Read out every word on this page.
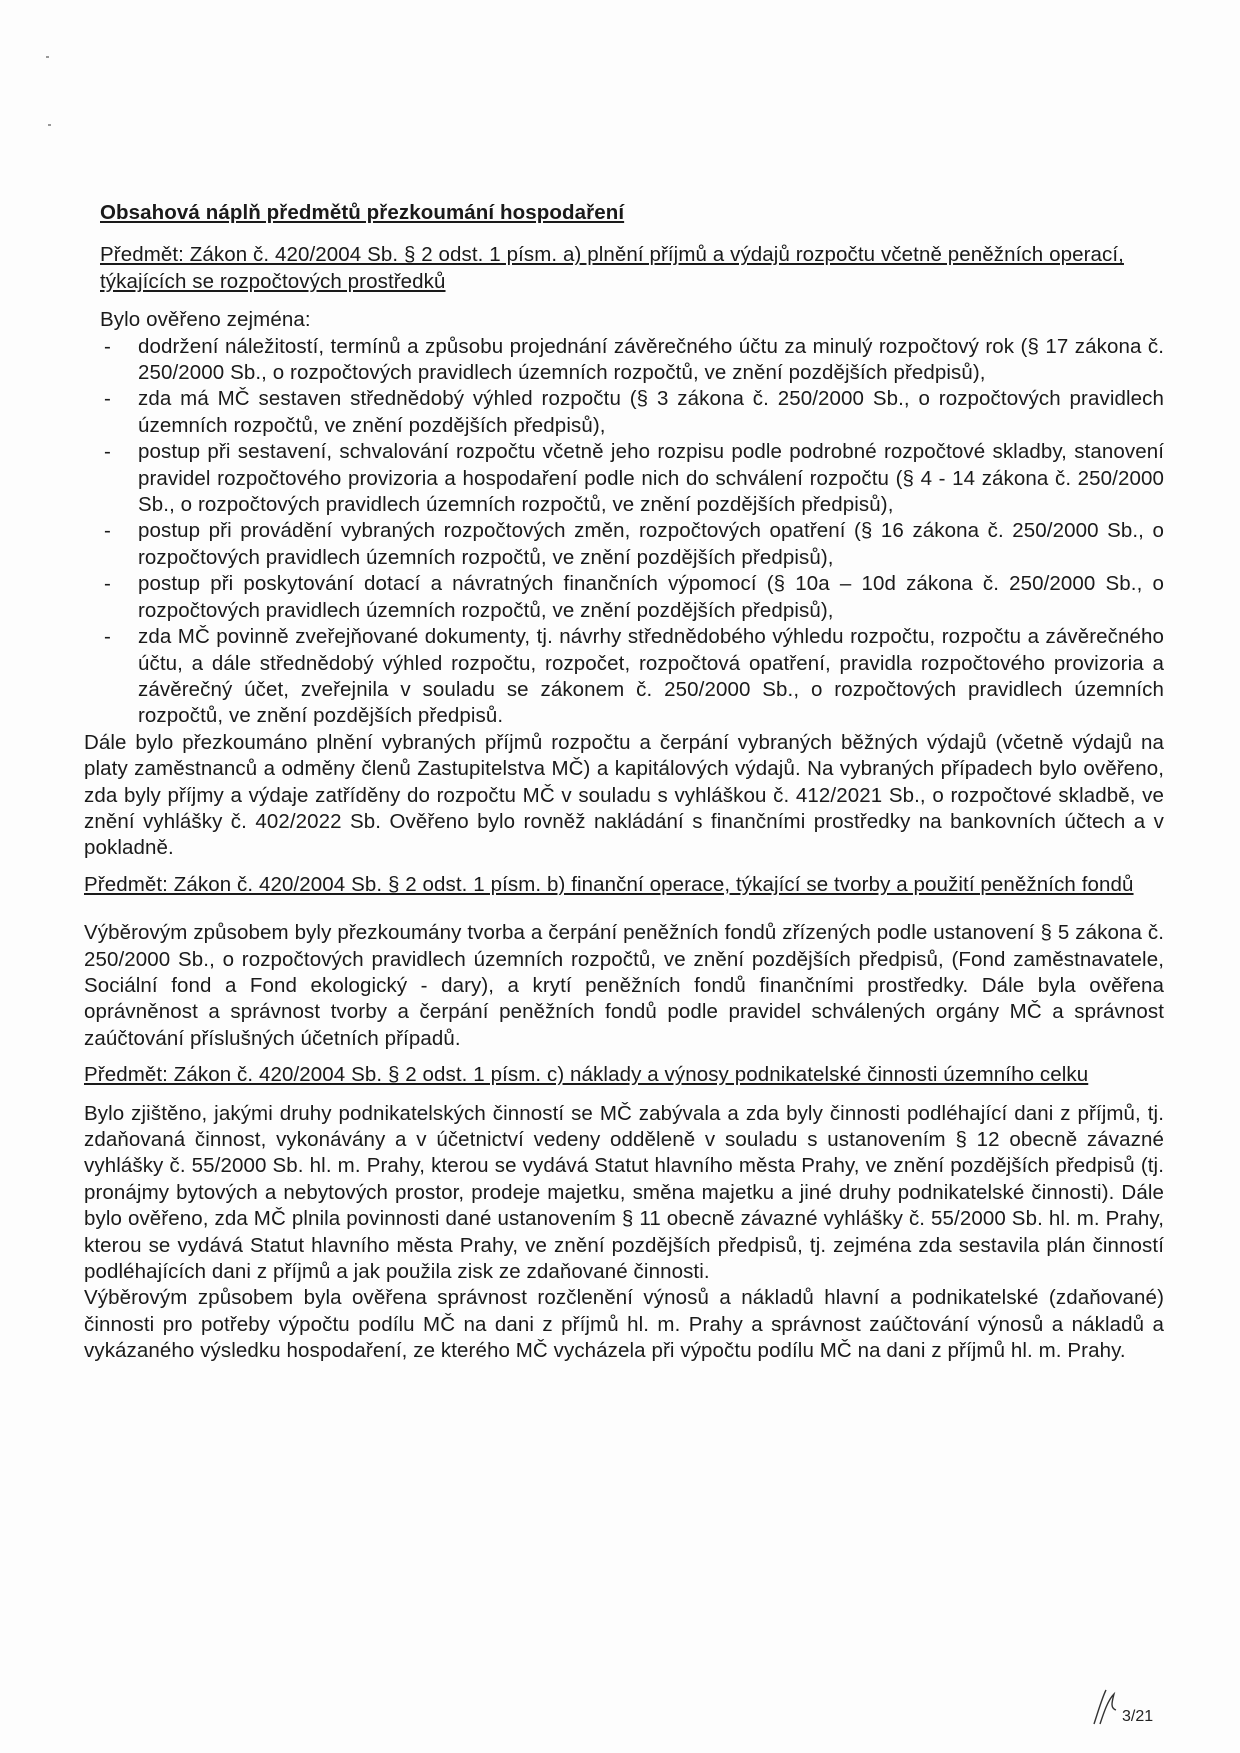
Obsahová náplň předmětů přezkoumání hospodaření
Předmět: Zákon č. 420/2004 Sb. § 2 odst. 1 písm. a) plnění příjmů a výdajů rozpočtu včetně peněžních operací, týkajících se rozpočtových prostředků
Bylo ověřeno zejména:
- dodržení náležitostí, termínů a způsobu projednání závěrečného účtu za minulý rozpočtový rok (§ 17 zákona č. 250/2000 Sb., o rozpočtových pravidlech územních rozpočtů, ve znění pozdějších předpisů),
- zda má MČ sestaven střednědobý výhled rozpočtu (§ 3 zákona č. 250/2000 Sb., o rozpočtových pravidlech územních rozpočtů, ve znění pozdějších předpisů),
- postup při sestavení, schvalování rozpočtu včetně jeho rozpisu podle podrobné rozpočtové skladby, stanovení pravidel rozpočtového provizoria a hospodaření podle nich do schválení rozpočtu (§ 4 - 14 zákona č. 250/2000 Sb., o rozpočtových pravidlech územních rozpočtů, ve znění pozdějších předpisů),
- postup při provádění vybraných rozpočtových změn, rozpočtových opatření (§ 16 zákona č. 250/2000 Sb., o rozpočtových pravidlech územních rozpočtů, ve znění pozdějších předpisů),
- postup při poskytování dotací a návratných finančních výpomocí (§ 10a – 10d zákona č. 250/2000 Sb., o rozpočtových pravidlech územních rozpočtů, ve znění pozdějších předpisů),
- zda MČ povinně zveřejňované dokumenty, tj. návrhy střednědobého výhledu rozpočtu, rozpočtu a závěrečného účtu, a dále střednědobý výhled rozpočtu, rozpočet, rozpočtová opatření, pravidla rozpočtového provizoria a závěrečný účet, zveřejnila v souladu se zákonem č. 250/2000 Sb., o rozpočtových pravidlech územních rozpočtů, ve znění pozdějších předpisů.
Dále bylo přezkoumáno plnění vybraných příjmů rozpočtu a čerpání vybraných běžných výdajů (včetně výdajů na platy zaměstnanců a odměny členů Zastupitelstva MČ) a kapitálových výdajů. Na vybraných případech bylo ověřeno, zda byly příjmy a výdaje zatříděny do rozpočtu MČ v souladu s vyhláškou č. 412/2021 Sb., o rozpočtové skladbě, ve znění vyhlášky č. 402/2022 Sb. Ověřeno bylo rovněž nakládání s finančními prostředky na bankovních účtech a v pokladně.
Předmět: Zákon č. 420/2004 Sb. § 2 odst. 1 písm. b) finanční operace, týkající se tvorby a použití peněžních fondů
Výběrovým způsobem byly přezkoumány tvorba a čerpání peněžních fondů zřízených podle ustanovení § 5 zákona č. 250/2000 Sb., o rozpočtových pravidlech územních rozpočtů, ve znění pozdějších předpisů, (Fond zaměstnavatele, Sociální fond a Fond ekologický - dary), a krytí peněžních fondů finančními prostředky. Dále byla ověřena oprávněnost a správnost tvorby a čerpání peněžních fondů podle pravidel schválených orgány MČ a správnost zaúčtování příslušných účetních případů.
Předmět: Zákon č. 420/2004 Sb. § 2 odst. 1 písm. c) náklady a výnosy podnikatelské činnosti územního celku
Bylo zjištěno, jakými druhy podnikatelských činností se MČ zabývala a zda byly činnosti podléhající dani z příjmů, tj. zdaňovaná činnost, vykonávány a v účetnictví vedeny odděleně v souladu s ustanovením § 12 obecně závazné vyhlášky č. 55/2000 Sb. hl. m. Prahy, kterou se vydává Statut hlavního města Prahy, ve znění pozdějších předpisů (tj. pronájmy bytových a nebytových prostor, prodeje majetku, směna majetku a jiné druhy podnikatelské činnosti). Dále bylo ověřeno, zda MČ plnila povinnosti dané ustanovením § 11 obecně závazné vyhlášky č. 55/2000 Sb. hl. m. Prahy, kterou se vydává Statut hlavního města Prahy, ve znění pozdějších předpisů, tj. zejména zda sestavila plán činností podléhajících dani z příjmů a jak použila zisk ze zdaňované činnosti.
Výběrovým způsobem byla ověřena správnost rozčlenění výnosů a nákladů hlavní a podnikatelské (zdaňované) činnosti pro potřeby výpočtu podílu MČ na dani z příjmů hl. m. Prahy a správnost zaúčtování výnosů a nákladů a vykázaného výsledku hospodaření, ze kterého MČ vycházela při výpočtu podílu MČ na dani z příjmů hl. m. Prahy.
3/21
